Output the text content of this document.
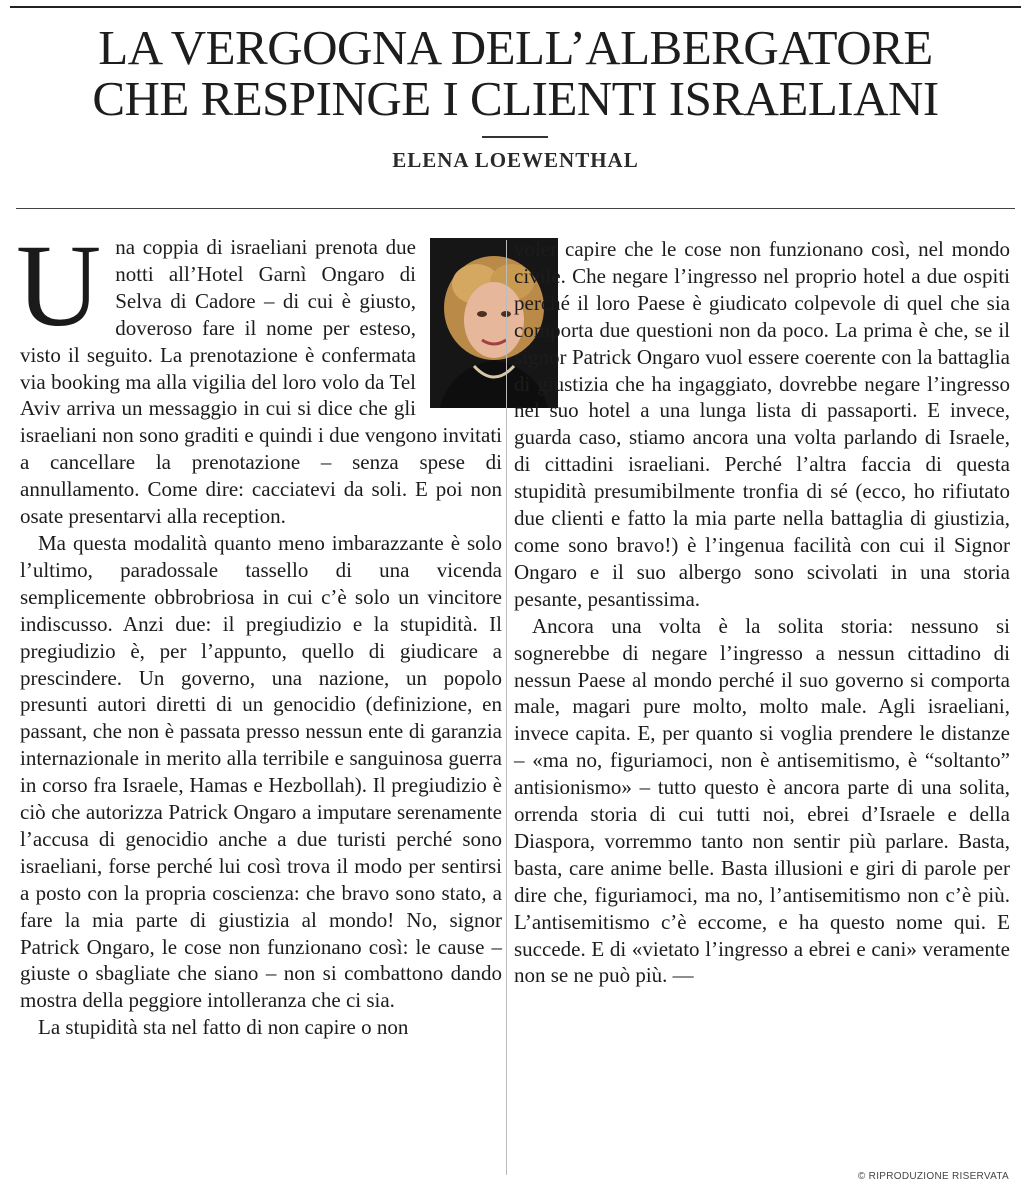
LA VERGOGNA DELL’ALBERGATORE
CHE RESPINGE I CLIENTI ISRAELIANI
ELENA LOEWENTHAL

Una coppia di israeliani prenota due notti all’Hotel Garnì Ongaro di Selva di Cadore – di cui è giusto, doveroso fare il nome per esteso, visto il seguito. La prenotazione è confermata via booking ma alla vigilia del loro volo da Tel Aviv arriva un messaggio in cui si dice che gli israeliani non sono graditi e quindi i due vengono invitati a cancellare la prenotazione – senza spese di annullamento. Come dire: cacciatevi da soli. E poi non osate presentarvi alla reception.

Ma questa modalità quanto meno imbarazzante è solo l’ultimo, paradossale tassello di una vicenda semplicemente obbrobriosa in cui c’è solo un vincitore indiscusso. Anzi due: il pregiudizio e la stupidità. Il pregiudizio è, per l’appunto, quello di giudicare a prescindere. Un governo, una nazione, un popolo presunti autori diretti di un genocidio (definizione, en passant, che non è passata presso nessun ente di garanzia internazionale in merito alla terribile e sanguinosa guerra in corso fra Israele, Hamas e Hezbollah). Il pregiudizio è ciò che autorizza Patrick Ongaro a imputare serenamente l’accusa di genocidio anche a due turisti perché sono israeliani, forse perché lui così trova il modo per sentirsi a posto con la propria coscienza: che bravo sono stato, a fare la mia parte di giustizia al mondo! No, signor Patrick Ongaro, le cose non funzionano così: le cause – giuste o sbagliate che siano – non si combattono dando mostra della peggiore intolleranza che ci sia.

La stupidità sta nel fatto di non capire o non

voler capire che le cose non funzionano così, nel mondo civile. Che negare l’ingresso nel proprio hotel a due ospiti perché il loro Paese è giudicato colpevole di quel che sia comporta due questioni non da poco. La prima è che, se il signor Patrick Ongaro vuol essere coerente con la battaglia di giustizia che ha ingaggiato, dovrebbe negare l’ingresso nel suo hotel a una lunga lista di passaporti. E invece, guarda caso, stiamo ancora una volta parlando di Israele, di cittadini israeliani. Perché l’altra faccia di questa stupidità presumibilmente tronfia di sé (ecco, ho rifiutato due clienti e fatto la mia parte nella battaglia di giustizia, come sono bravo!) è l’ingenua facilità con cui il Signor Ongaro e il suo albergo sono scivolati in una storia pesante, pesantissima.

Ancora una volta è la solita storia: nessuno si sognerebbe di negare l’ingresso a nessun cittadino di nessun Paese al mondo perché il suo governo si comporta male, magari pure molto, molto male. Agli israeliani, invece capita. E, per quanto si voglia prendere le distanze – «ma no, figuriamoci, non è antisemitismo, è “soltanto” antisionismo» – tutto questo è ancora parte di una solita, orrenda storia di cui tutti noi, ebrei d’Israele e della Diaspora, vorremmo tanto non sentir più parlare. Basta, basta, care anime belle. Basta illusioni e giri di parole per dire che, figuriamoci, ma no, l’antisemitismo non c’è più. L’antisemitismo c’è eccome, e ha questo nome qui. E succede. E di «vietato l’ingresso a ebrei e cani» veramente non se ne può più. —

© RIPRODUZIONE RISERVATA
